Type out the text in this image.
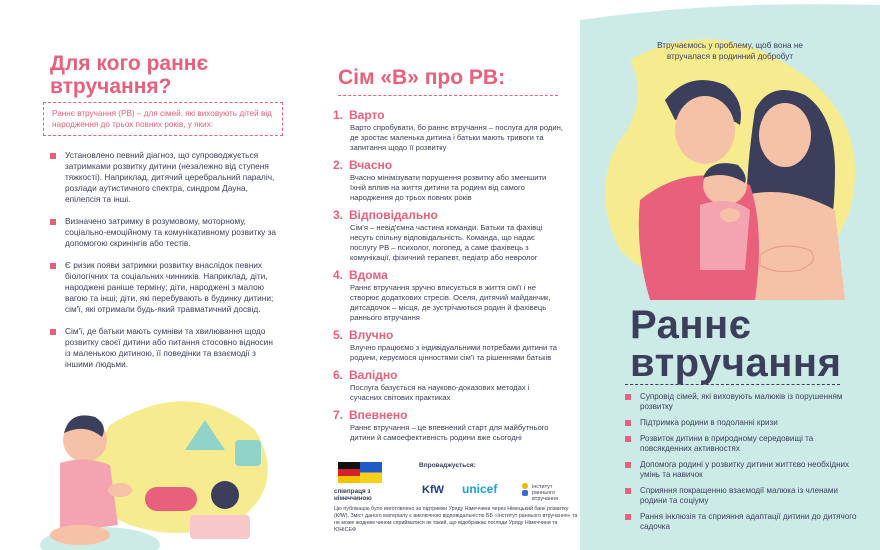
Для кого раннє втручання?
Раннє втручання (РВ) – для сімей, які виховують дітей від народження до трьох повних років, у яких:
Установлено певний діагноз, що супроводжується затримками розвитку дитини (незалежно від ступеня тяжкості). Наприклад, дитячий церебральний параліч, розлади аутистичного спектра, синдром Дауна, епілепсія та інші.
Визначено затримку в розумовому, моторному, соціально-емоційному та комунікативному розвитку за допомогою скринінгів або тестів.
Є ризик появи затримки розвитку внаслідок певних біологічних та соціальних чинників. Наприклад, діти, народжені раніше терміну; діти, народжені з малою вагою та інші; діти, які перебувають в будинку дитини; сім'ї, які отримали будь-який травматичний досвід.
Сім'ї, де батьки мають сумніви та хвилювання щодо розвитку своєї дитини або питання стосовно відносин із маленькою дитиною, її поведінки та взаємодії з іншими людьми.
Сім «В» про РВ:
1. Варто
Варто спробувати, бо раннє втручання – послуга для родин, де зростає маленька дитина і батьки мають тривоги та запитання щодо її розвитку
2. Вчасно
Вчасно мінімізувати порушення розвитку або зменшити їхній вплив на життя дитини та родини від самого народження до трьох повних років
3. Відповідально
Сім'я – невід'ємна частина команди. Батьки та фахівці несуть спільну відповідальність. Команда, що надає послугу РВ – психолог, логопед, а саме фахівець з комунікації, фізичний терапевт, педіатр або невролог
4. Вдома
Раннє втручання зручно вписується в життя сім'ї і не створює додаткових стресів. Оселя, дитячий майданчик, дитсадочок – місця, де зустрічаються родин й фахівець раннього втручання
5. Влучно
Влучно працюємо з індивідуальними потребами дитини та родини, керуємося цінностями сім'ї та рішеннями батьків
6. Валідно
Послуга базується на науково-доказових методах і сучасних світових практиках
7. Впевнено
Раннє втручання – це впевнений старт для майбутнього дитини й самоефективність родини вже сьогодні
співпраця з німеччиною
Впроваджується:
KfW unicef	інститут раннього втручання

Цю публікацію було виготовлено за підтримки Уряду Німеччини через Німецький банк розвитку (KfW). Зміст даного матеріалу є виключною відповідальністю ББ «Інститут раннього втручання» та не може жодним чином сприйматися як такий, що відображає погляди Уряду Німеччини та ЮНІСЕФ

Втручаємось у проблему, щоб вона не втручалася в родинний добробут

Раннє
втручання
Супровід сімей, які виховують малюків із порушенням розвитку
Підтримка родини в подоланні кризи
Розвиток дитини в природному середовищі та повсякденних активностях
Допомога родині у розвитку дитини життєво необхідних умінь та навичок
Сприяння покращенню взаємодії малюка із членами родини та соціуму
Рання інклюзія та сприяння адаптації дитини до дитячого садочка
